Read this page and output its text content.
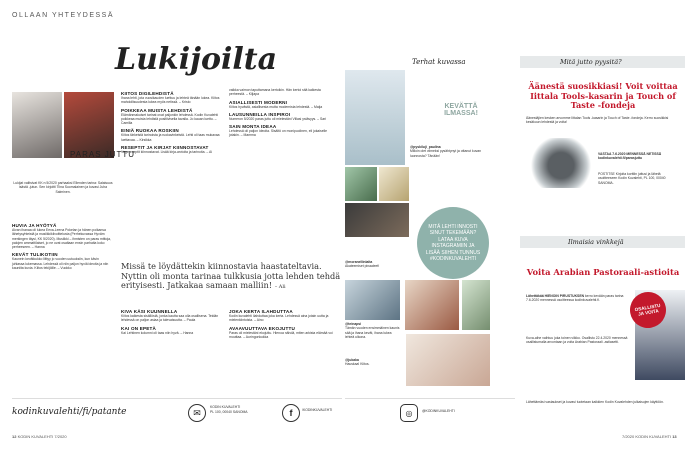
OLLAAN YHTEYDESSÄ
Lukijoilta
PARAS JUTTU
Lukijat valitsivat KK:n 5/2020 parhaaksi Ellenden tarina: Salaisuus isästä -jutun. Sen kirjoitti Tiina Suomalainen ja kuvasi Juha Salminen.
HUVIA JA HYÖTYÄ
Aivan ihanaa oli lukea Eeva-Leena Pokelan ja hänen poikansa lähetysyhteistä ja musiikkikilvoittelusta (Perhekuvassa Hyväm merkingen täysi, KK 5/2020). Musiikki – ihmisten on paras mittoja, palojen ammattilaiset, jo ne ovat osaltaan ensin parhaita koko perheeseen. – Hanna
KEVÄT TULIKOTIIN
Kaunein kevätkukko liittyy jo vuoden uutuuksiin, kun kävin juhlassa lukemassa. Lehdessä oli niin paljon hyviä ideoita ja niin kauniita kuvia. Kiitos tekijöille. – Vuokko
KIITOS DIGILEHDISTÄ
Ihana lehti, jota vuosikauden luettuu ja lehteä tänään lukea. Kiitos mahdollisuudesta lukea myös netissä. – Kristo
POIKKEAA MUISTA LEHDISTÄ
Elämänmakuiset tarinat ovat paljonkin lehdessä. Kodin Kuvalehti poikkeaa muista lehdistä positiivisella tavalla. Jo kauan luettu. – Camilla
EINIÄ RUOKAA ROSKIIN
Kiitos tärkeistä tarinoista ja ruokavinkeistä. Lehti oli taas mukavaa luettavaa. – Kirsikka
RESEPTIT JA KIRJAT KIINNOSTAVAT
Vegereseptit kiinnostavat. Lisää kirja-arvioita ja tarinoita. – Ai
Missä te löydättekin kiinnostavia haastateltavia. Nyttin oli monta tarinaa tulkkusia jotta lehden tehdä erityisesti. Jatkakaa samaan malliin! – Ali
KIVA KÄSI KUUNNELLA
Kiitos kaikesta sisällöstä, jonka kautta saa olla osallisena. Teidän lehdessä on paljon asiaa ja tulevaisuutta. – Paula
KAI ON EPETÄ
Kai Lehtinen kolumni oli taas niin hyvä. – Hanna
vaikka vaimon taputtamana kertoikin. Hän kertoi sitä kaikesta perheestä. – Kiljapa
ASIALLISESTI MODERNI
Kiitos hyvästä, asiallisesta mutta modernista lehdestä. – Maija
LAUSUNNEILLA INSPIROI
Numeron 5/2020 paras juttu oli mielestäni Villasi ystävyys. – Sari
SAIN MONTA IDEAA
Lehdessä oli paljon ideoita. Sisältö on monipuolinen, eli jokaiselle jotakin. – Mamma
JOKA KERTA ILAHDUTTAA
Kodin kuvalehti ilahduttaa joka kerta. Lehdessä aina jotain uutta ja mielenkiintoista. – Aino
AVAAVUUTTAVA EKOJUTTU
Paras oli mielestäni ekojuttu. Hienoa nähdä, miten arkista elämää voi muuttaa. – Auringonkukka
kodinkuvalehti/fi/patante	✉
KODIN KUVALEHTI
PL 100, 00040 SANOMA	f	/KODINKUVALEHTI
12 KODIN KUVALEHTI 7/2020
Terhat kuvassa
KEVÄTTÄ ILMASSA!
@pyskiluji_paulina
Milloin olet viimeksi pysähtynyt ja ottanut kuvan luonnosta? Tänään!
MITÄ LEHTI INNOSTI SINUT TEKEMÄÄN? LATAA KUVA INSTAGRAMIIN JA LISÄÄ SIIHEN TUNNUS #KODINKUVALEHTI
@moranellinlaita
Akateemiset pinaaleet!
@teinapsi
Tämän vuoden ensimmäinen kaunis sää ja ihana kevät, ihana lukea lehteä ulkona.
@jukaka
Hauskaa! Kiitos.
◎	@KODINKUVALEHTI
Mitä jutto pyysitä?
Äänestä suosikkiasi! Voit voittaa Iittala Tools-kasarin ja Touch of Taste -fondeja
Äänestäjien kesken arvomme Iittalan Tools -kasarin ja Touch of Taste -fondeja. Kerro suosikkisi kesäkuun lehdestä ja voita!
VASTAA 7.6.2020 MENNESSÄ NETISSÄ kodinkuvalehti.fi/parasjuttu
POSTITSE Kirjoita korttiin juttusi ja lähetä osoitteeseen Kodin Kuvalehti, PL 100, 00040 SANOMA.
Ilmaisia vinkkejä
Voita Arabian Pastoraali-astioita
Lähettäkää HIENOIN PIRUSTUKSEN kerro kevään paras tarina 7.6.2020 mennessä osoitteessa kodinkuvalehti.fi.
Kuva-aihe vaihtuu joka toinen viikko. Osallistu 22.4.2020 mennessä osallistumalla arvontaan ja voita Arabian Pastoraali -astiasetti.
OSALLISTU JA VOITA
Lähettämäsi vastaukset ja kuvasi tuotetaan kaikkien Kodin Kuvalehden julkaisujen käyttöön.
7/2020 KODIN KUVALEHTI 13
